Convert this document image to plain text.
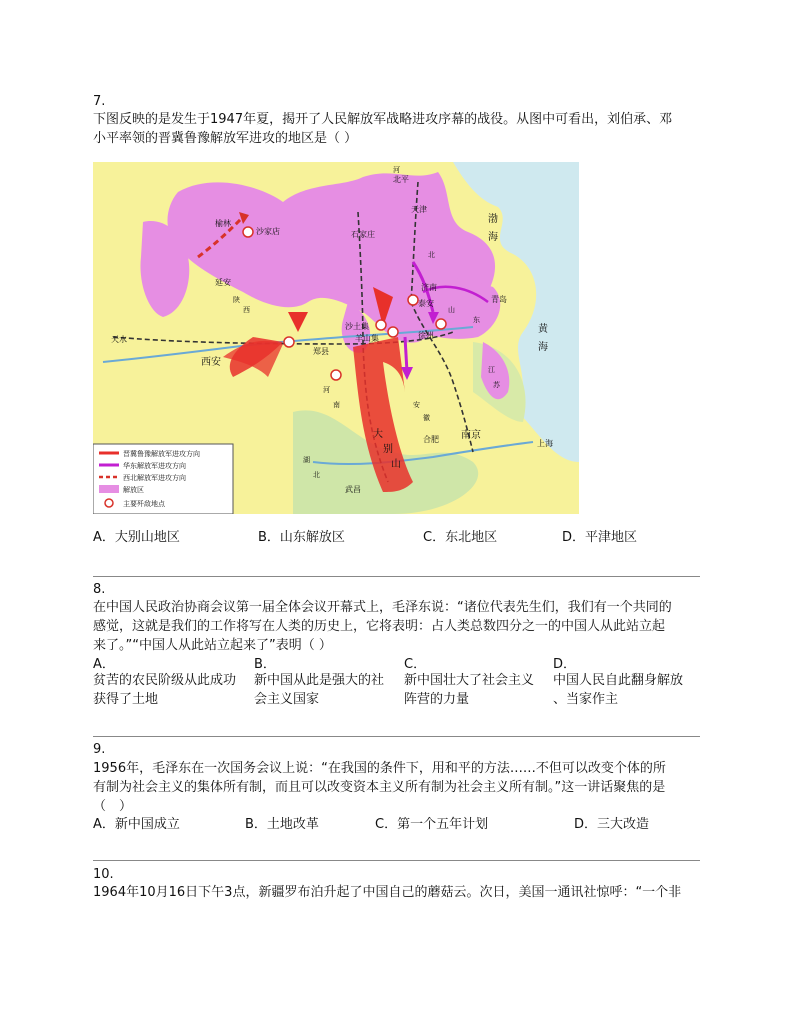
7.
下图反映的是发生于1947年夏，揭开了人民解放军战略进攻序幕的战役。从图中可看出，刘伯承、邓
小平率领的晋冀鲁豫解放军进攻的地区是（ ）
北平
天津
石家庄
济南
泰安	青岛
榆林
沙家店
延安
天水
西安
郑县
沙土集
羊山集	徐州
合肥 南京
上海
武昌
大
别
山
渤
海
黄
海
河
北
山
东
江
苏
陕
西
河
南
湖
北
安
徽
晋冀鲁豫解放军进攻方向
华东解放军进攻方向
西北解放军进攻方向
解放区
主要歼敌地点
A．大别山地区	B．山东解放区	C．东北地区	D．平津地区
8.
在中国人民政治协商会议第一届全体会议开幕式上，毛泽东说：“诸位代表先生们，我们有一个共同的
感觉，这就是我们的工作将写在人类的历史上，它将表明：占人类总数四分之一的中国人从此站立起
来了。”“中国人从此站立起来了”表明（ ）
A．
贫苦的农民阶级从此成功
获得了土地
B．
新中国从此是强大的社
会主义国家
C．
新中国壮大了社会主义
阵营的力量
D．
中国人民自此翻身解放
、当家作主
9.
1956年，毛泽东在一次国务会议上说：“在我国的条件下，用和平的方法……不但可以改变个体的所
有制为社会主义的集体所有制，而且可以改变资本主义所有制为社会主义所有制。”这一讲话聚焦的是
（　）
A．新中国成立	B．土地改革	C．第一个五年计划	D．三大改造
10.
1964年10月16日下午3点，新疆罗布泊升起了中国自己的蘑菇云。次日，美国一通讯社惊呼：“一个非
